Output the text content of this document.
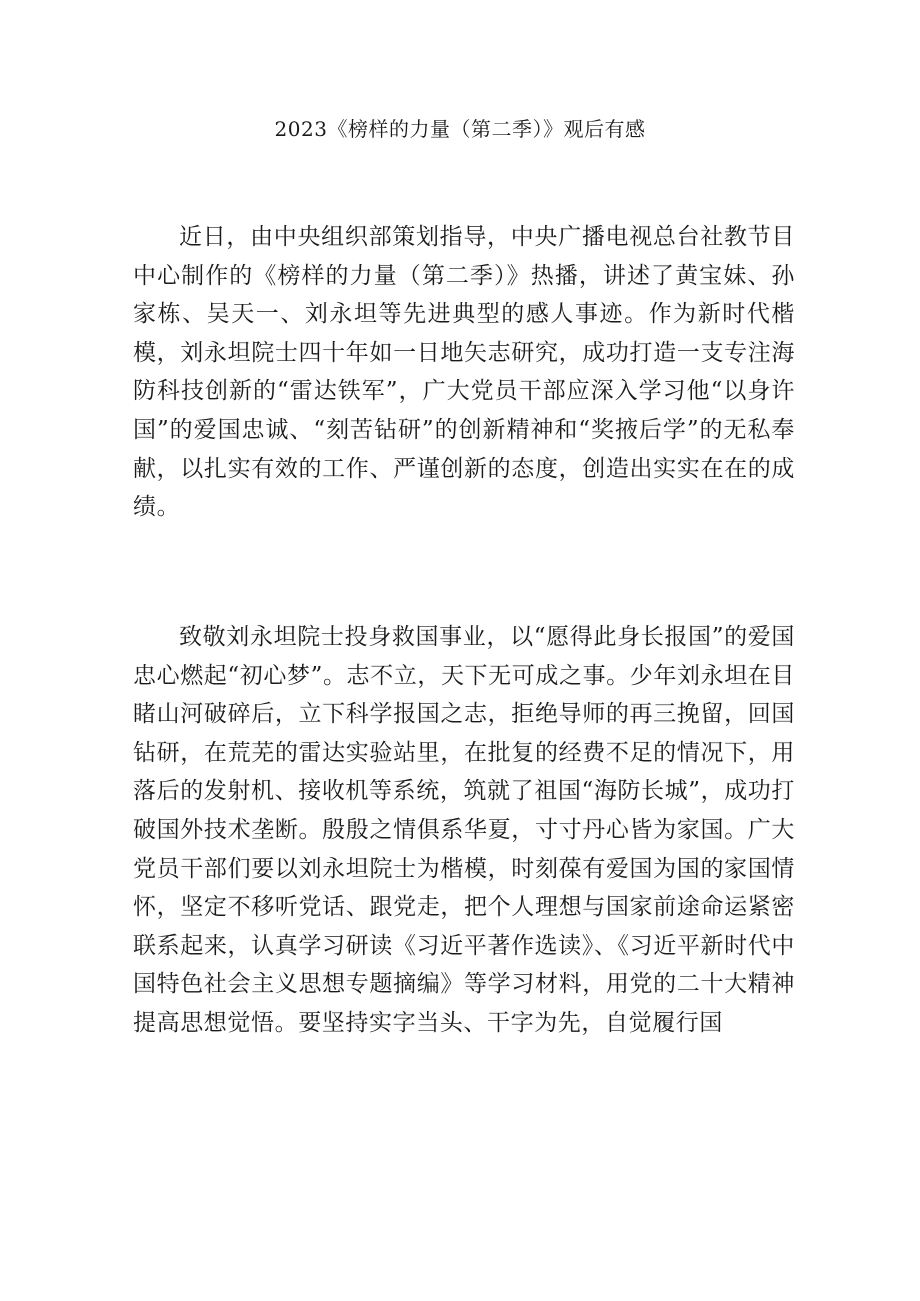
2023《榜样的力量（第二季）》观后有感

近日，由中央组织部策划指导，中央广播电视总台社教节目中心制作的《榜样的力量（第二季）》热播，讲述了黄宝妹、孙家栋、吴天一、刘永坦等先进典型的感人事迹。作为新时代楷模，刘永坦院士四十年如一日地矢志研究，成功打造一支专注海防科技创新的“雷达铁军”，广大党员干部应深入学习他“以身许国”的爱国忠诚、“刻苦钻研”的创新精神和“奖掖后学”的无私奉献，以扎实有效的工作、严谨创新的态度，创造出实实在在的成绩。

致敬刘永坦院士投身救国事业，以“愿得此身长报国”的爱国忠心燃起“初心梦”。志不立，天下无可成之事。少年刘永坦在目睹山河破碎后，立下科学报国之志，拒绝导师的再三挽留，回国钻研，在荒芜的雷达实验站里，在批复的经费不足的情况下，用落后的发射机、接收机等系统，筑就了祖国“海防长城”，成功打破国外技术垄断。殷殷之情俱系华夏，寸寸丹心皆为家国。广大党员干部们要以刘永坦院士为楷模，时刻葆有爱国为国的家国情怀，坚定不移听党话、跟党走，把个人理想与国家前途命运紧密联系起来，认真学习研读《习近平著作选读》、《习近平新时代中国特色社会主义思想专题摘编》等学习材料，用党的二十大精神提高思想觉悟。要坚持实字当头、干字为先，自觉履行国
